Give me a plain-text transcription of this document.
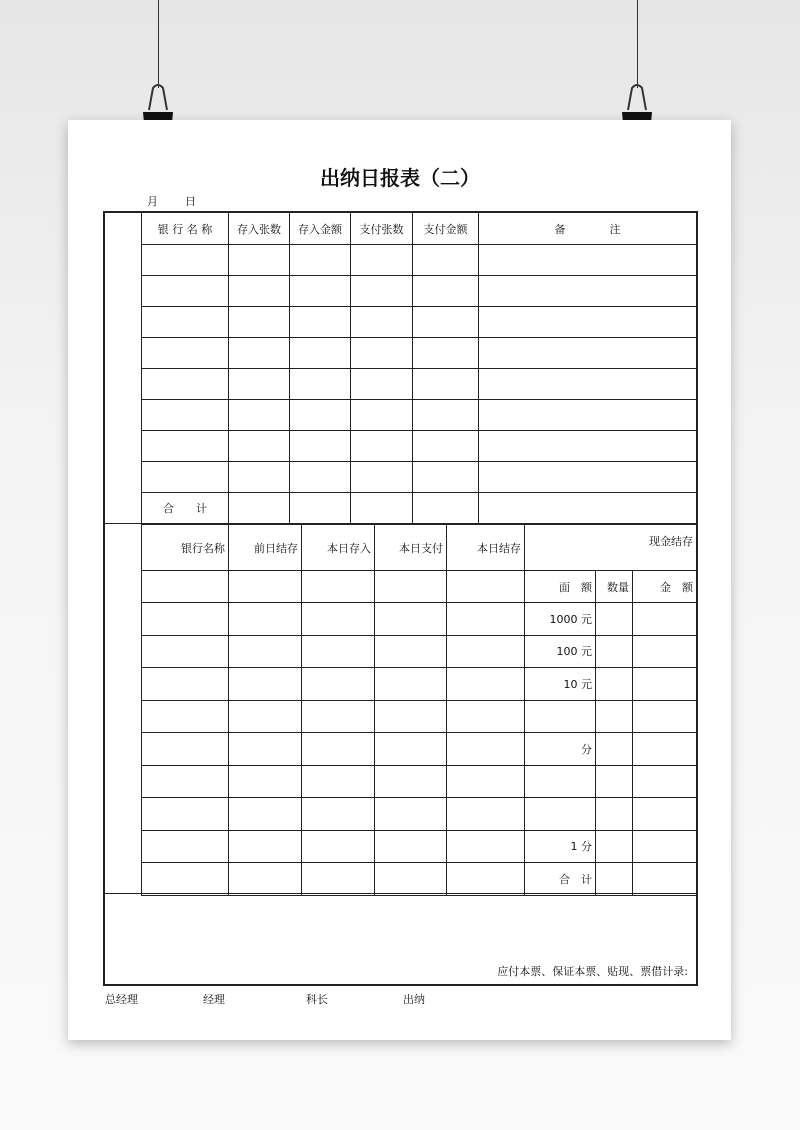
出纳日报表（二）
月 日
银 行 名 称	存入张数	存入金额	支付张数	支付金额	备　　　　注

合　　计					
银行名称	前日结存	本日存入	本日支付	本日结存	现金结存		
					面　额	数量	金　额
					1000 元		
					100 元		
					10 元		

					分		

					1 分		
					合　计		
应付本票、保证本票、贴现、票借计录:
总经理	经理	科长	出纳
